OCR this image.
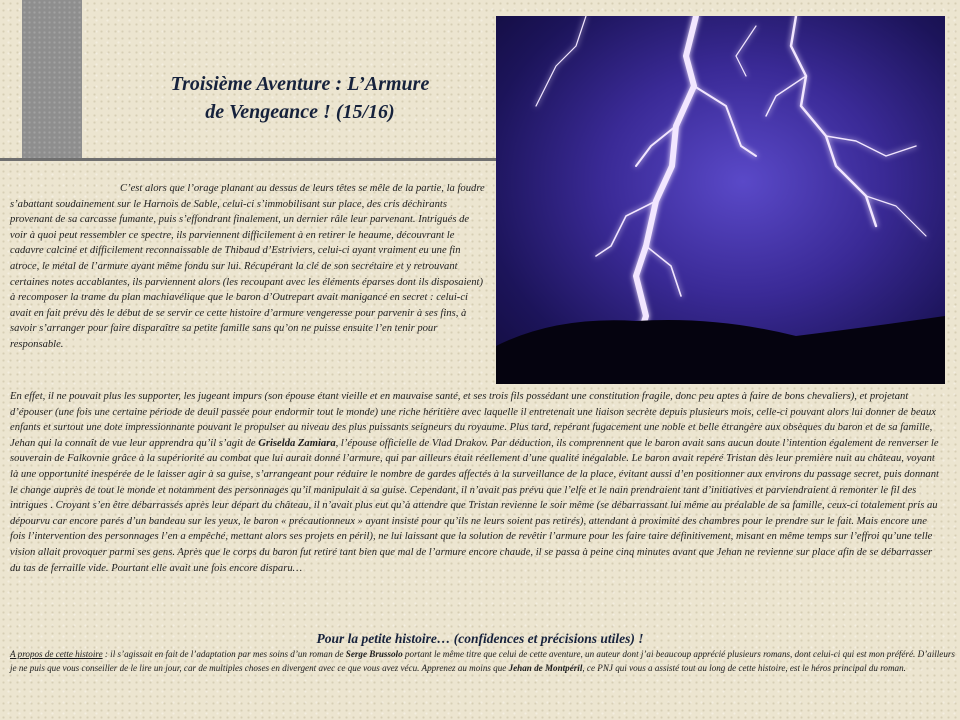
Troisième Aventure : L’Armure
de Vengeance ! (15/16)

C’est alors que l’orage planant au dessus de leurs têtes se mêle de la partie, la foudre s’abattant soudainement sur le Harnois de Sable, celui-ci s’immobilisant sur place, des cris déchirants provenant de sa carcasse fumante, puis s’effondrant finalement, un dernier râle leur parvenant. Intrigués de voir à quoi peut ressembler ce spectre, ils parviennent difficilement à en retirer le heaume, découvrant le cadavre calciné et difficilement reconnaissable de Thibaud d’Estriviers, celui-ci ayant vraiment eu une fin atroce, le métal de l’armure ayant même fondu sur lui. Récupérant la clé de son secrétaire et y retrouvant certaines notes accablantes, ils parviennent alors (les recoupant avec les éléments éparses dont ils disposaient) à recomposer la trame du plan machiavélique que le baron d’Outrepart avait manigancé en secret : celui-ci avait en fait prévu dès le début de se servir ce cette histoire d’armure vengeresse pour parvenir à ses fins, à savoir s’arranger pour faire disparaître sa petite famille sans qu’on ne puisse ensuite l’en tenir pour responsable.

En effet, il ne pouvait plus les supporter, les jugeant impurs (son épouse étant vieille et en mauvaise santé, et ses trois fils possédant une constitution fragile, donc peu aptes à faire de bons chevaliers), et projetant d’épouser (une fois une certaine période de deuil passée pour endormir tout le monde) une riche héritière avec laquelle il entretenait une liaison secrète depuis plusieurs mois, celle-ci pouvant alors lui donner de beaux enfants et surtout une dote impressionnante pouvant le propulser au niveau des plus puissants seigneurs du royaume. Plus tard, repérant fugacement une noble et belle étrangère aux obsèques du baron et de sa famille, Jehan qui la connaît de vue leur apprendra qu’il s’agit de Griselda Zamiara, l’épouse officielle de Vlad Drakov. Par déduction, ils comprennent que le baron avait sans aucun doute l’intention également de renverser le souverain de Falkovnie grâce à la supériorité au combat que lui aurait donné l’armure, qui par ailleurs était réellement d’une qualité inégalable. Le baron avait repéré Tristan dès leur première nuit au château, voyant là une opportunité inespérée de le laisser agir à sa guise, s’arrangeant pour réduire le nombre de gardes affectés à la surveillance de la place, évitant aussi d’en positionner aux environs du passage secret, puis donnant le change auprès de tout le monde et notamment des personnages qu’il manipulait à sa guise. Cependant, il n’avait pas prévu que l’elfe et le nain prendraient tant d’initiatives et parviendraient à remonter le fil des intrigues . Croyant s’en être débarrassés après leur départ du château, il n’avait plus eut qu’à attendre que Tristan revienne le soir même (se débarrassant lui même au préalable de sa famille, ceux-ci totalement pris au dépourvu car encore parés d’un bandeau sur les yeux, le baron « précautionneux » ayant insisté pour qu’ils ne leurs soient pas retirés), attendant à proximité des chambres pour le prendre sur le fait. Mais encore une fois l’intervention des personnages l’en a empêché, mettant alors ses projets en péril), ne lui laissant que la solution de revêtir l’armure pour les faire taire définitivement, misant en même temps sur l’effroi qu’une telle vision allait provoquer parmi ses gens. Après que le corps du baron fut retiré tant bien que mal de l’armure encore chaude, il se passa à peine cinq minutes avant que Jehan ne revienne sur place afin de se débarrasser du tas de ferraille vide. Pourtant elle avait une fois encore disparu…

Pour la petite histoire… (confidences et précisions utiles) !
A propos de cette histoire : il s’agissait en fait de l’adaptation par mes soins d’un roman de Serge Brussolo portant le même titre que celui de cette aventure, un auteur dont j’ai beaucoup apprécié plusieurs romans, dont celui-ci qui est mon préféré. D’ailleurs je ne puis que vous conseiller de le lire un jour, car de multiples choses en divergent avec ce que vous avez vécu. Apprenez au moins que Jehan de Montpéril, ce PNJ qui vous a assisté tout au long de cette histoire, est le héros principal du roman.
